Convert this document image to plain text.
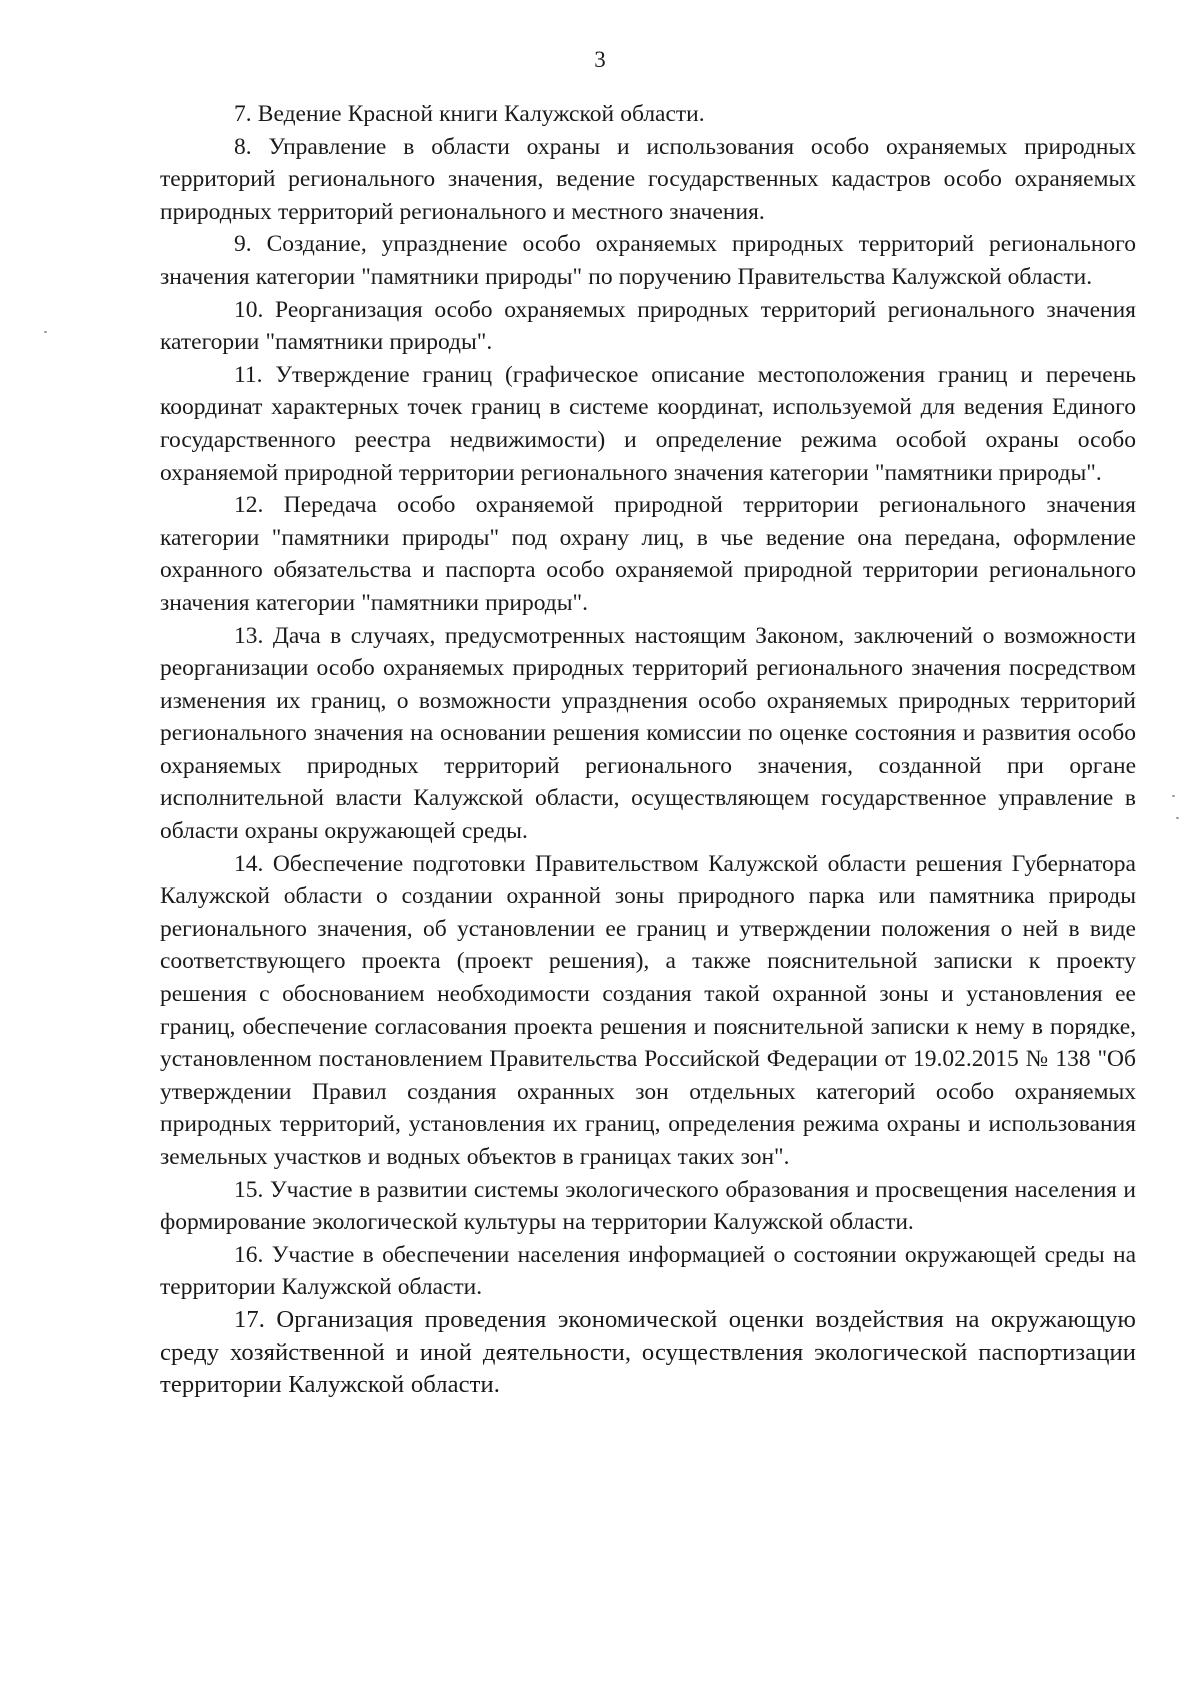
3

7. Ведение Красной книги Калужской области.

8. Управление в области охраны и использования особо охраняемых природных территорий регионального значения, ведение государственных кадастров особо охраняемых природных территорий регионального и местного значения.

9. Создание, упразднение особо охраняемых природных территорий регионального значения категории "памятники природы" по поручению Правительства Калужской области.

10. Реорганизация особо охраняемых природных территорий регионального значения категории "памятники природы".

11. Утверждение границ (графическое описание местоположения границ и перечень координат характерных точек границ в системе координат, используемой для ведения Единого государственного реестра недвижимости) и определение режима особой охраны особо охраняемой природной территории регионального значения категории "памятники природы".

12. Передача особо охраняемой природной территории регионального значения категории "памятники природы" под охрану лиц, в чье ведение она передана, оформление охранного обязательства и паспорта особо охраняемой природной территории регионального значения категории "памятники природы".

13. Дача в случаях, предусмотренных настоящим Законом, заключений о возможности реорганизации особо охраняемых природных территорий регионального значения посредством изменения их границ, о возможности упразднения особо охраняемых природных территорий регионального значения на основании решения комиссии по оценке состояния и развития особо охраняемых природных территорий регионального значения, созданной при органе исполнительной власти Калужской области, осуществляющем государственное управление в области охраны окружающей среды.

14. Обеспечение подготовки Правительством Калужской области решения Губернатора Калужской области о создании охранной зоны природного парка или памятника природы регионального значения, об установлении ее границ и утверждении положения о ней в виде соответствующего проекта (проект решения), а также пояснительной записки к проекту решения с обоснованием необходимости создания такой охранной зоны и установления ее границ, обеспечение согласования проекта решения и пояснительной записки к нему в порядке, установленном постановлением Правительства Российской Федерации от 19.02.2015 № 138 "Об утверждении Правил создания охранных зон отдельных категорий особо охраняемых природных территорий, установления их границ, определения режима охраны и использования земельных участков и водных объектов в границах таких зон".

15. Участие в развитии системы экологического образования и просвещения населения и формирование экологической культуры на территории Калужской области.

16. Участие в обеспечении населения информацией о состоянии окружающей среды на территории Калужской области.

17. Организация проведения экономической оценки воздействия на окружающую среду хозяйственной и иной деятельности, осуществления экологической паспортизации территории Калужской области.
